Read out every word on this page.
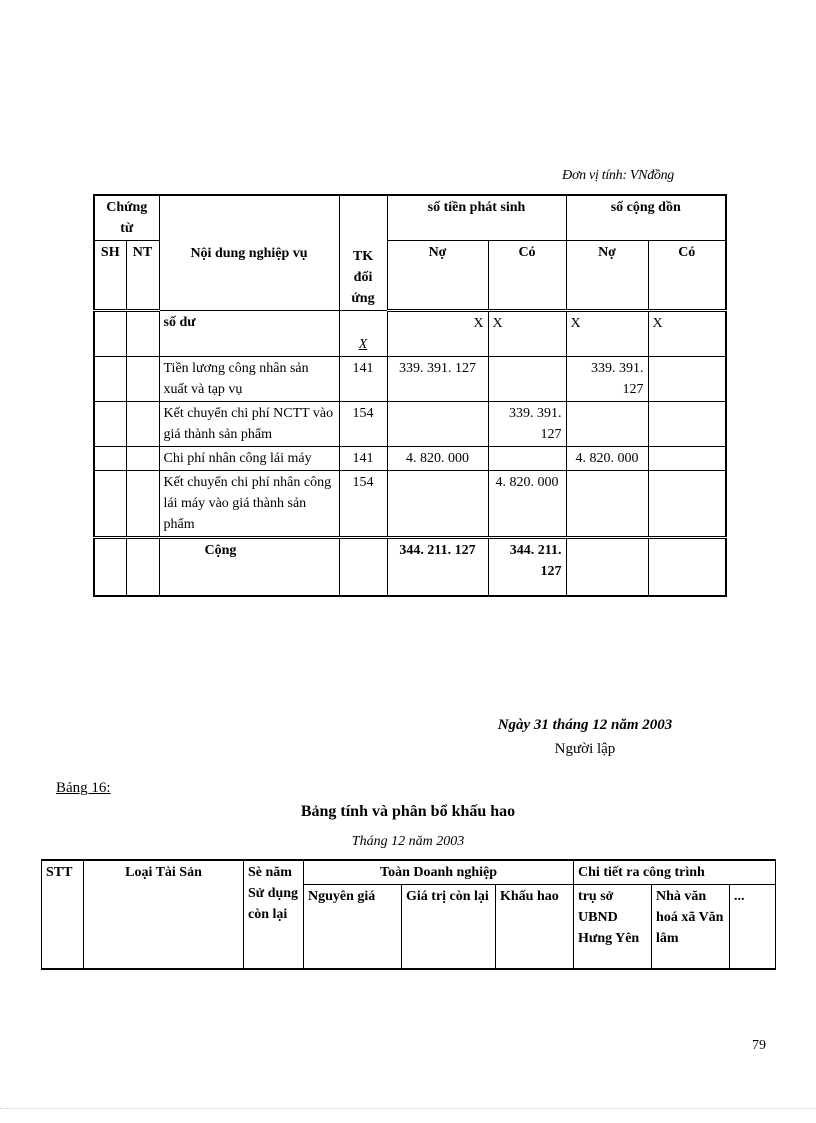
Đơn vị tính: VNđồng
Chứng từ		Nội dung nghiệp vụ	TK đối ứng	số tiền phát sinh		số cộng dồn	
SH	NT			Nợ	Có	Nợ	Có
		số dư	X	X	X	X	X
		Tiền lương công nhân sản xuất và tạp vụ	141	339. 391. 127		339. 391. 127	
		Kết chuyển chi phí NCTT vào giá thành sản phẩm	154		339. 391. 127		
		Chi phí nhân công lái máy	141	4. 820. 000		4. 820. 000	
		Kết chuyển chi phí nhân công lái máy vào giá thành sản phẩm	154		4. 820. 000		
		Cộng		344. 211. 127	344. 211. 127		
Ngày 31 tháng 12 năm 2003
Người lập
Bảng 16:
Bảng tính và phân bổ khấu hao
Tháng 12 năm 2003
STT	Loại Tài Sản	Sè năm Sử dụng còn lại	Toàn Doanh nghiệp			Chi tiết ra công trình		
			Nguyên giá	Giá trị còn lại	Khấu hao	trụ sở UBND Hưng Yên	Nhà văn hoá xã Văn lâm	...
79
